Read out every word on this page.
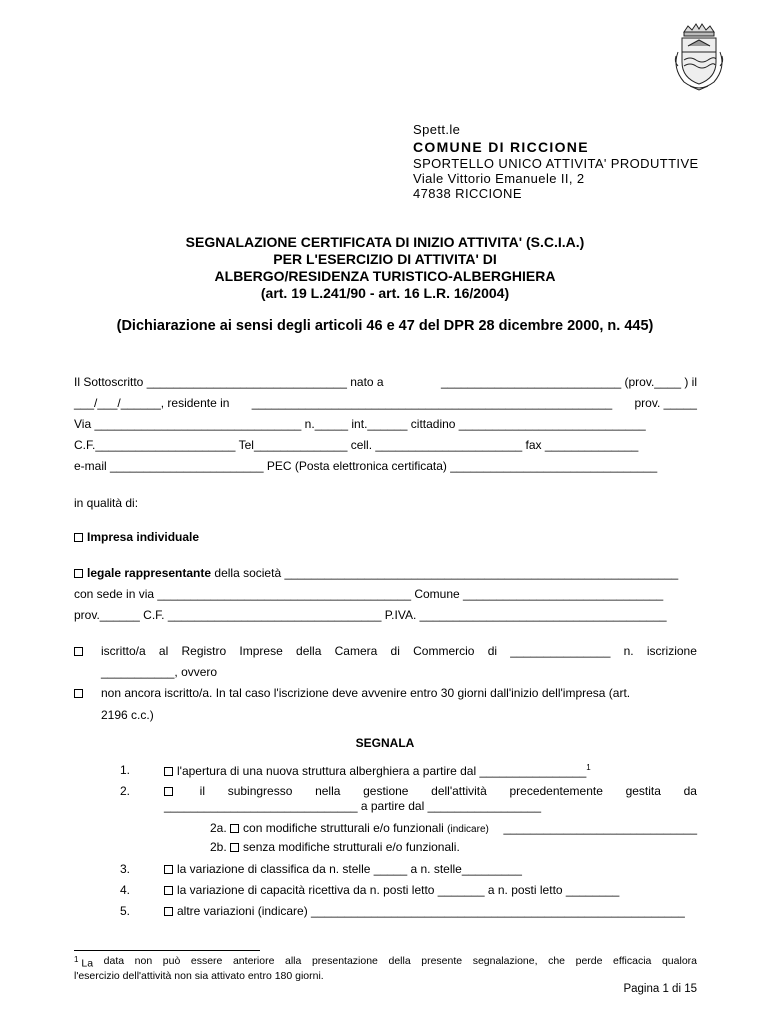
Spett.le
COMUNE DI RICCIONE
SPORTELLO UNICO ATTIVITA' PRODUTTIVE
Viale Vittorio Emanuele II, 2
47838 RICCIONE
SEGNALAZIONE CERTIFICATA DI INIZIO ATTIVITA' (S.C.I.A.)
PER L'ESERCIZIO DI ATTIVITA' DI
ALBERGO/RESIDENZA TURISTICO-ALBERGHIERA
(art. 19 L.241/90 - art. 16 L.R. 16/2004)
(Dichiarazione ai sensi degli articoli 46 e 47 del DPR 28 dicembre 2000, n. 445)
Il Sottoscritto ______________________________ nato a	___________________________ (prov.____ ) il
___/___/______, residente in ______________________________________________________ prov. _____
Via _______________________________ n._____ int.______ cittadino ____________________________
C.F._____________________ Tel______________ cell. ______________________ fax ______________
e-mail _______________________ PEC (Posta elettronica certificata) _______________________________
in qualità di:
Impresa individuale
legale rappresentante della società ___________________________________________________________
con sede in via ______________________________________ Comune ______________________________
prov.______ C.F. ________________________________ P.IVA. _____________________________________
iscritto/a al Registro Imprese della Camera di Commercio di _______________ n. iscrizione
___________, ovvero
non ancora iscritto/a. In tal caso l'iscrizione deve avvenire entro 30 giorni dall'inizio dell'impresa (art.
2196 c.c.)
SEGNALA
1.	l'apertura di una nuova struttura alberghiera a partire dal ________________$^1$
2.	il subingresso nella gestione dell'attività precedentemente gestita da
_____________________________ a partire dal _________________
2a. con modifiche strutturali e/o funzionali (indicare) _____________________________
2b. senza modifiche strutturali e/o funzionali.
3.	la variazione di classifica da n. stelle _____ a n. stelle_________
4.	la variazione di capacità ricettiva da n. posti letto _______ a n. posti letto ________
5.	altre variazioni (indicare) ________________________________________________________
$^1$ La data non può essere anteriore alla presentazione della presente segnalazione, che perde efficacia qualora
l'esercizio dell'attività non sia attivato entro 180 giorni.
Pagina 1 di 15
